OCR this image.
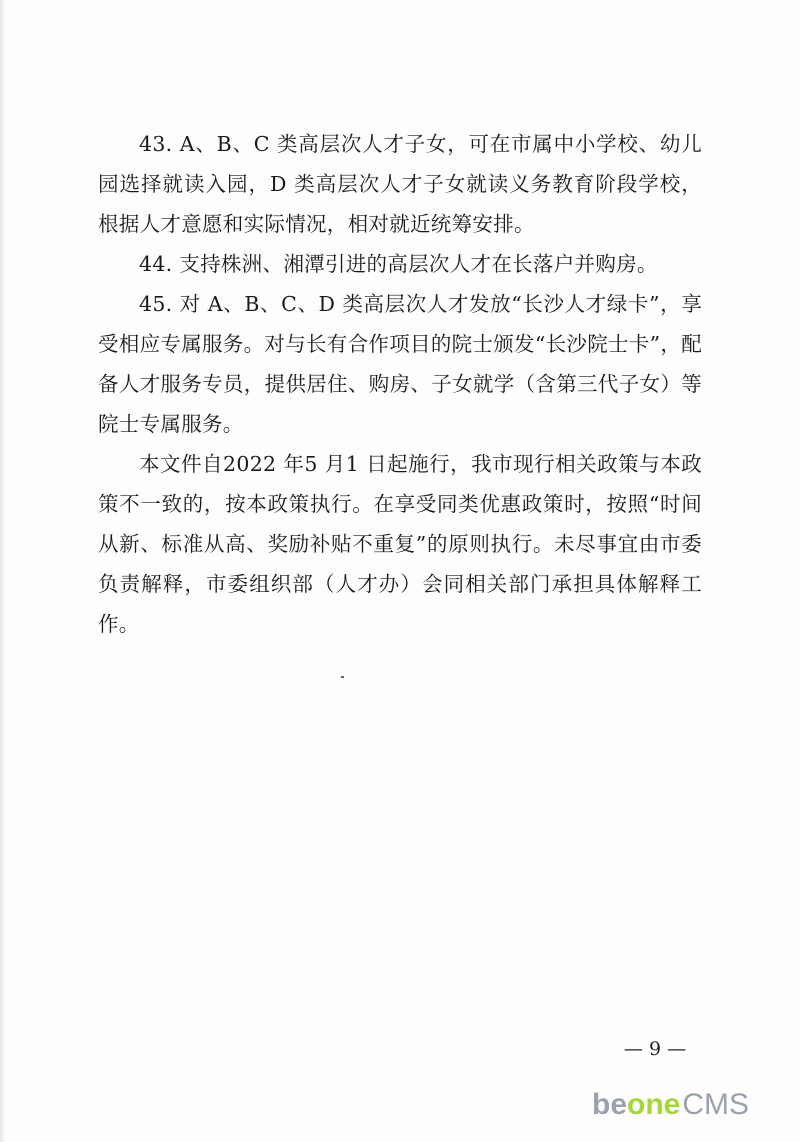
43. A、B、C 类高层次人才子女，可在市属中小学校、幼儿园选择就读入园，D 类高层次人才子女就读义务教育阶段学校，根据人才意愿和实际情况，相对就近统筹安排。

44. 支持株洲、湘潭引进的高层次人才在长落户并购房。

45. 对 A、B、C、D 类高层次人才发放“长沙人才绿卡”，享受相应专属服务。对与长有合作项目的院士颁发“长沙院士卡”，配备人才服务专员，提供居住、购房、子女就学（含第三代子女）等院士专属服务。

本文件自2022 年5 月1 日起施行，我市现行相关政策与本政策不一致的，按本政策执行。在享受同类优惠政策时，按照“时间从新、标准从高、奖励补贴不重复”的原则执行。未尽事宜由市委负责解释，市委组织部（人才办）会同相关部门承担具体解释工作。

— 9 —
be one CMS
